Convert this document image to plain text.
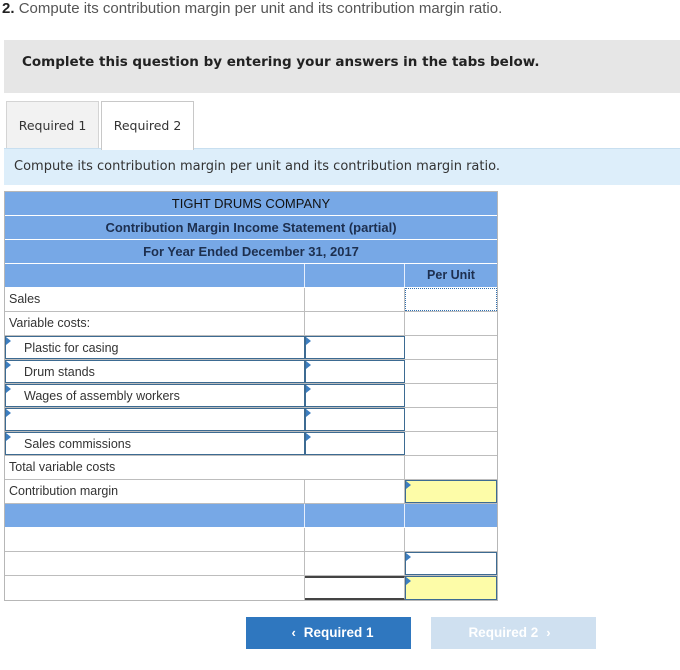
2. Compute its contribution margin per unit and its contribution margin ratio.
Complete this question by entering your answers in the tabs below.
Required 1	Required 2
Compute its contribution margin per unit and its contribution margin ratio.
TIGHT DRUMS COMPANY
Contribution Margin Income Statement (partial)
For Year Ended December 31, 2017
Per Unit
Sales
Variable costs:
Plastic for casing
Drum stands
Wages of assembly workers
Sales commissions
Total variable costs
Contribution margin
‹ Required 1	Required 2 ›
